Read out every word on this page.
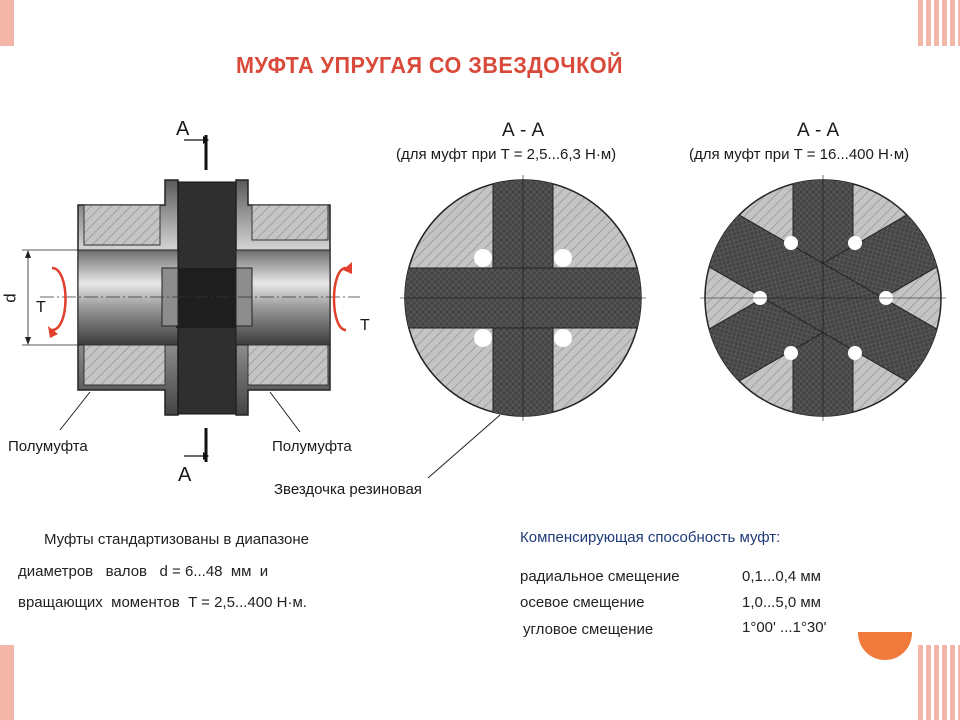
МУФТА УПРУГАЯ СО ЗВЕЗДОЧКОЙ
A
A
d
T
T
Полумуфта	Полумуфта
Звездочка резиновая
А - А
(для муфт при T = 2,5...6,3 Н·м)
А - А
(для муфт при T = 16...400 Н·м)
Муфты стандартизованы в диапазоне
диаметров   валов   d = 6...48  мм  и
вращающих  моментов  T = 2,5...400 Н·м.
Компенсирующая способность муфт:
радиальное смещение	0,1...0,4 мм
осевое смещение	1,0...5,0 мм
угловое смещение	1°00' ...1°30'
